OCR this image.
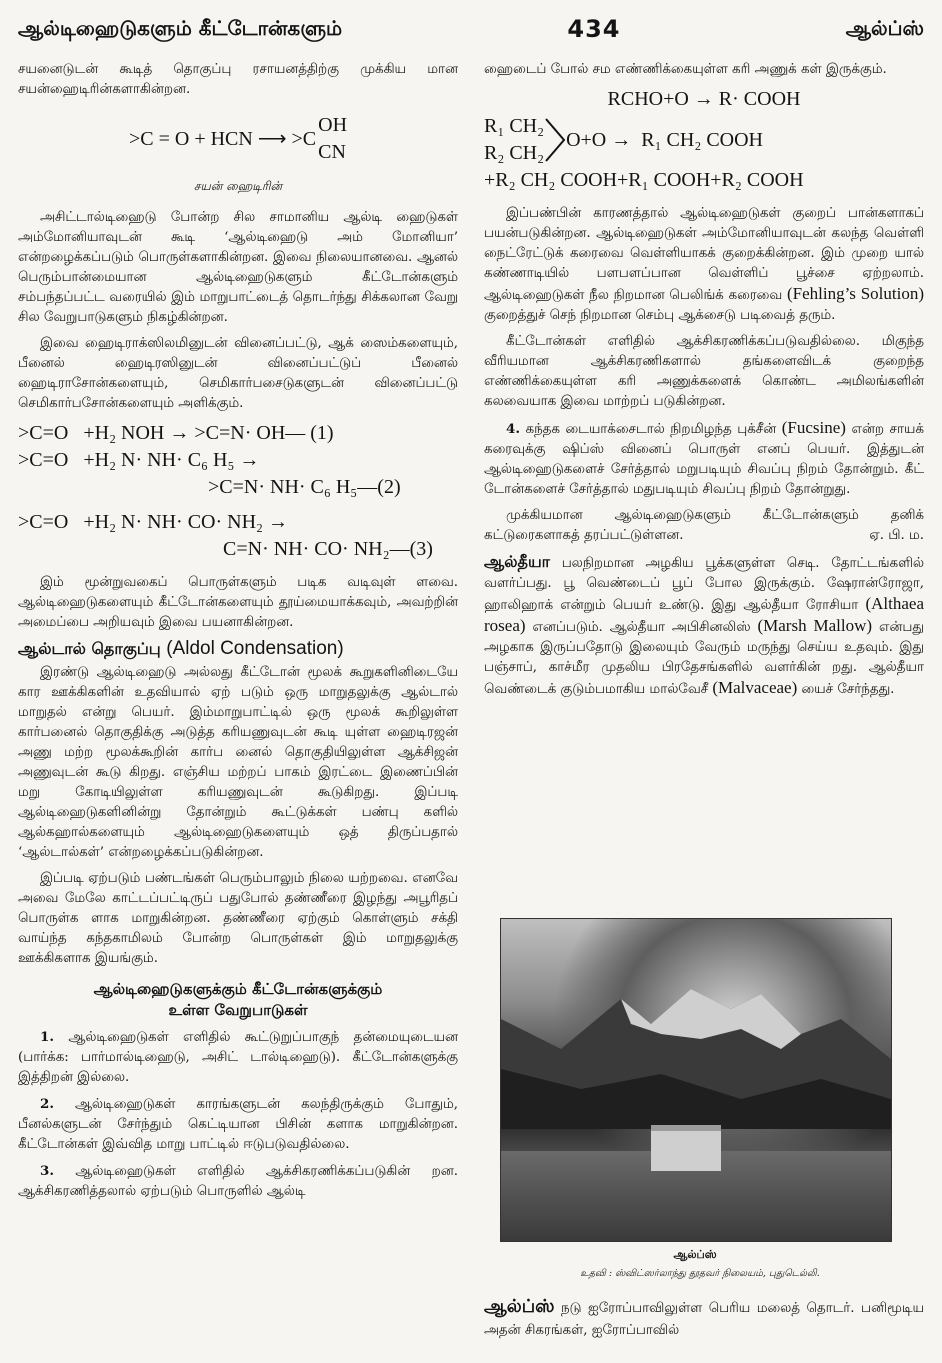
ஆல்டிஹைடுகளும் கீட்டோன்களும்	434	ஆல்ப்ஸ்

சயனைடுடன் கூடித் தொகுப்பு ரசாயனத்திற்கு முக்கிய மான சயன்ஹைடிரின்களாகின்றன.

>C = O + HCN ⟶ >C
OH
CN
சயன் ஹைடிரின்

அசிட்டால்டிஹைடு போன்ற சில சாமானிய ஆல்டி ஹைடுகள் அம்மோனியாவுடன் கூடி ‘ஆல்டிஹைடு அம் மோனியா’ என்றழைக்கப்படும் பொருள்களாகின்றன. இவை நிலையானவை. ஆனல் பெரும்பான்மையான ஆல்டிஹைடுகளும் கீட்டோன்களும் சம்பந்தப்பட்ட வரையில் இம் மாறுபாட்டைத் தொடர்ந்து சிக்கலான வேறு சில வேறுபாடுகளும் நிகழ்கின்றன.

இவை ஹைடிராக்ஸிலமினுடன் வினைப்பட்டு, ஆக் ஸைம்களையும், பீனைல் ஹைடிரஸினுடன் வினைப்பட்டுப் பீனைல் ஹைடிராசோன்களையும், செமிகார்பசைடுகளுடன் வினைப்பட்டு செமிகார்பசோன்களையும் அளிக்கும்.

>C=O   +H₂ NOH → >C=N· OH— (1)
>C=O   +H₂ N· NH· C₆ H₅ →
>C=N· NH· C₆ H₅—(2)
>C=O   +H₂ N· NH· CO· NH₂ →
C=N· NH· CO· NH₂—(3)

இம் மூன்றுவகைப் பொருள்களும் படிக வடிவுள் ளவை. ஆல்டிஹைடுகளையும் கீட்டோன்களையும் தூய்மையாக்கவும், அவற்றின் அமைப்பை அறியவும் இவை பயனாகின்றன.

ஆல்டால் தொகுப்பு (Aldol Condensation)

இரண்டு ஆல்டிஹைடு அல்லது கீட்டோன் மூலக் கூறுகளினிடையே கார ஊக்கிகளின் உதவியால் ஏற் படும் ஒரு மாறுதலுக்கு ஆல்டால் மாறுதல் என்று பெயர். இம்மாறுபாட்டில் ஒரு மூலக் கூறிலுள்ள கார்பனைல் தொகுதிக்கு அடுத்த கரியணுவுடன் கூடி யுள்ள ஹைடிரஜன் அணு மற்ற மூலக்கூறின் கார்ப னைல் தொகுதியிலுள்ள ஆக்சிஜன் அணுவுடன் கூடு கிறது. எஞ்சிய மற்றப் பாகம் இரட்டை இணைப்பின் மறு கோடியிலுள்ள கரியணுவுடன் கூடுகிறது. இப்படி ஆல்டிஹைடுகளினின்று தோன்றும் கூட்டுக்கள் பண்பு களில் ஆல்கஹால்களையும் ஆல்டிஹைடுகளையும் ஒத் திருப்பதால் ‘ஆல்டால்கள்’ என்றழைக்கப்படுகின்றன.

இப்படி ஏற்படும் பண்டங்கள் பெரும்பாலும் நிலை யற்றவை. எனவே அவை மேலே காட்டப்பட்டிருப் பதுபோல் தண்ணீரை இழந்து அபூரிதப் பொருள்க ளாக மாறுகின்றன. தண்ணீரை ஏற்கும் கொள்ளும் சக்தி வாய்ந்த கந்தகாமிலம் போன்ற பொருள்கள் இம் மாறுதலுக்கு ஊக்கிகளாக இயங்கும்.

ஆல்டிஹைடுகளுக்கும் கீட்டோன்களுக்கும்
உள்ள வேறுபாடுகள்

1. ஆல்டிஹைடுகள் எளிதில் கூட்டுறுப்பாகுந் தன்மையுடையன (பார்க்க: பார்மால்டிஹைடு, அசிட் டால்டிஹைடு). கீட்டோன்களுக்கு இத்திறன் இல்லை.

2. ஆல்டிஹைடுகள் காரங்களுடன் கலந்திருக்கும் போதும், பீனல்களுடன் சேர்ந்தும் கெட்டியான பிசின் களாக மாறுகின்றன. கீட்டோன்கள் இவ்வித மாறு பாட்டில் ஈடுபடுவதில்லை.

3. ஆல்டிஹைடுகள் எளிதில் ஆக்சிகரணிக்கப்படுகின் றன. ஆக்சிகரணித்தலால் ஏற்படும் பொருளில் ஆல்டி

ஹைடைப் போல் சம எண்ணிக்கையுள்ள கரி அணுக் கள் இருக்கும்.

RCHO+O → R· COOH
R₁ CH₂
R₂ CH₂
O+O →  R₁ CH₂ COOH
+R₂ CH₂ COOH+R₁ COOH+R₂ COOH

இப்பண்பின் காரணத்தால் ஆல்டிஹைடுகள் குறைப் பான்களாகப் பயன்படுகின்றன. ஆல்டிஹைடுகள் அம்மோனியாவுடன் கலந்த வெள்ளி நைட்ரேட்டுக் கரைவை வெள்ளியாகக் குறைக்கின்றன. இம் முறை யால் கண்ணாடியில் பளபளப்பான வெள்ளிப் பூச்சை ஏற்றலாம். ஆல்டிஹைடுகள் நீல நிறமான பெலிங்க் கரைவை (Fehling’s Solution) குறைத்துச் செந் நிறமான செம்பு ஆக்சைடு படிவைத் தரும்.

கீட்டோன்கள் எளிதில் ஆக்சிகரணிக்கப்படுவதில்லை. மிகுந்த வீரியமான ஆக்சிகரணிகளால் தங்களைவிடக் குறைந்த எண்ணிக்கையுள்ள கரி அணுக்களைக் கொண்ட அமிலங்களின் கலவையாக இவை மாற்றப் படுகின்றன.

4. கந்தக டையாக்சைடால் நிறமிழந்த புக்சீன் (Fucsine) என்ற சாயக் கரைவுக்கு ஷிப்ஸ் வினைப் பொருள் எனப் பெயர். இத்துடன் ஆல்டிஹைடுகளைச் சேர்த்தால் மறுபடியும் சிவப்பு நிறம் தோன்றும். கீட் டோன்களைச் சேர்த்தால் மதுபடியும் சிவப்பு நிறம் தோன்றுது.

முக்கியமான ஆல்டிஹைடுகளும் கீட்டோன்களும் தனிக் கட்டுரைகளாகத் தரப்பட்டுள்ளன.	ஏ. பி. ம.

ஆல்தீயா பலநிறமான அழகிய பூக்களுள்ள செடி. தோட்டங்களில் வளர்ப்பது. பூ வெண்டைப் பூப் போல இருக்கும். ஷேரான்ரோஜா, ஹாலிஹாக் என்றும் பெயர் உண்டு. இது ஆல்தீயா ரோசியா (Althaea rosea) எனப்படும். ஆல்தீயா அபிசினலிஸ் (Marsh Mallow) என்பது அழகாக இருப்பதோடு இலையும் வேரும் மருந்து செய்ய உதவும். இது பஞ்சாப், காச்மீர முதலிய பிரதேசங்களில் வளர்கின் றது. ஆல்தீயா வெண்டைக் குடும்பமாகிய மால்வேசீ (Malvaceae) யைச் சேர்ந்தது.

ஆல்ப்ஸ்
உதவி : ஸ்விட்ஸர்லாந்து தூதவர் நிலையம், புதுடெல்லி.
ஆல்ப்ஸ் நடு ஐரோப்பாவிலுள்ள பெரிய மலைத் தொடர். பனிமூடிய அதன் சிகரங்கள், ஐரோப்பாவில்
